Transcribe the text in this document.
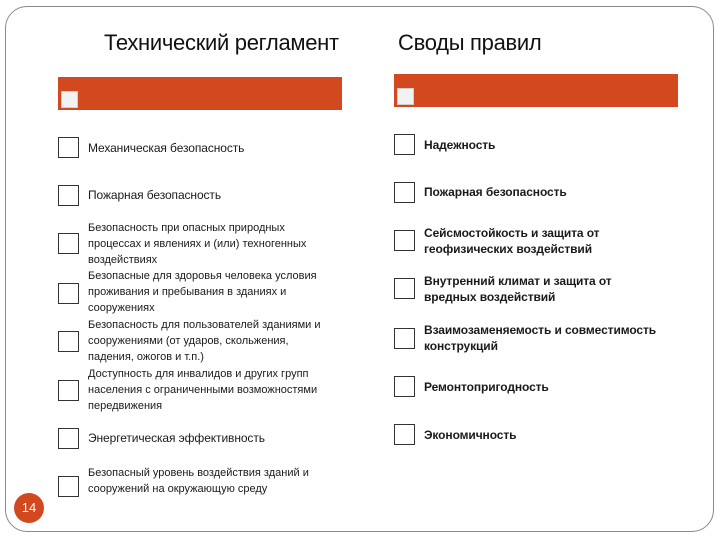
Технический регламент
Механическая безопасность
Пожарная безопасность
Безопасность при опасных природных процессах и явлениях и (или) техногенных воздействиях
Безопасные для здоровья человека условия проживания и пребывания в зданиях и сооружениях
Безопасность для пользователей зданиями и сооружениями (от ударов, скольжения, падения, ожогов и т.п.)
Доступность для инвалидов и других групп населения с ограниченными возможностями передвижения
Энергетическая эффективность
Безопасный уровень воздействия зданий и сооружений на окружающую среду
Своды правил
Надежность
Пожарная безопасность
Сейсмостойкость и защита от геофизических воздействий
Внутренний климат и защита от вредных воздействий
Взаимозаменяемость и совместимость конструкций
Ремонтопригодность
Экономичность
14
